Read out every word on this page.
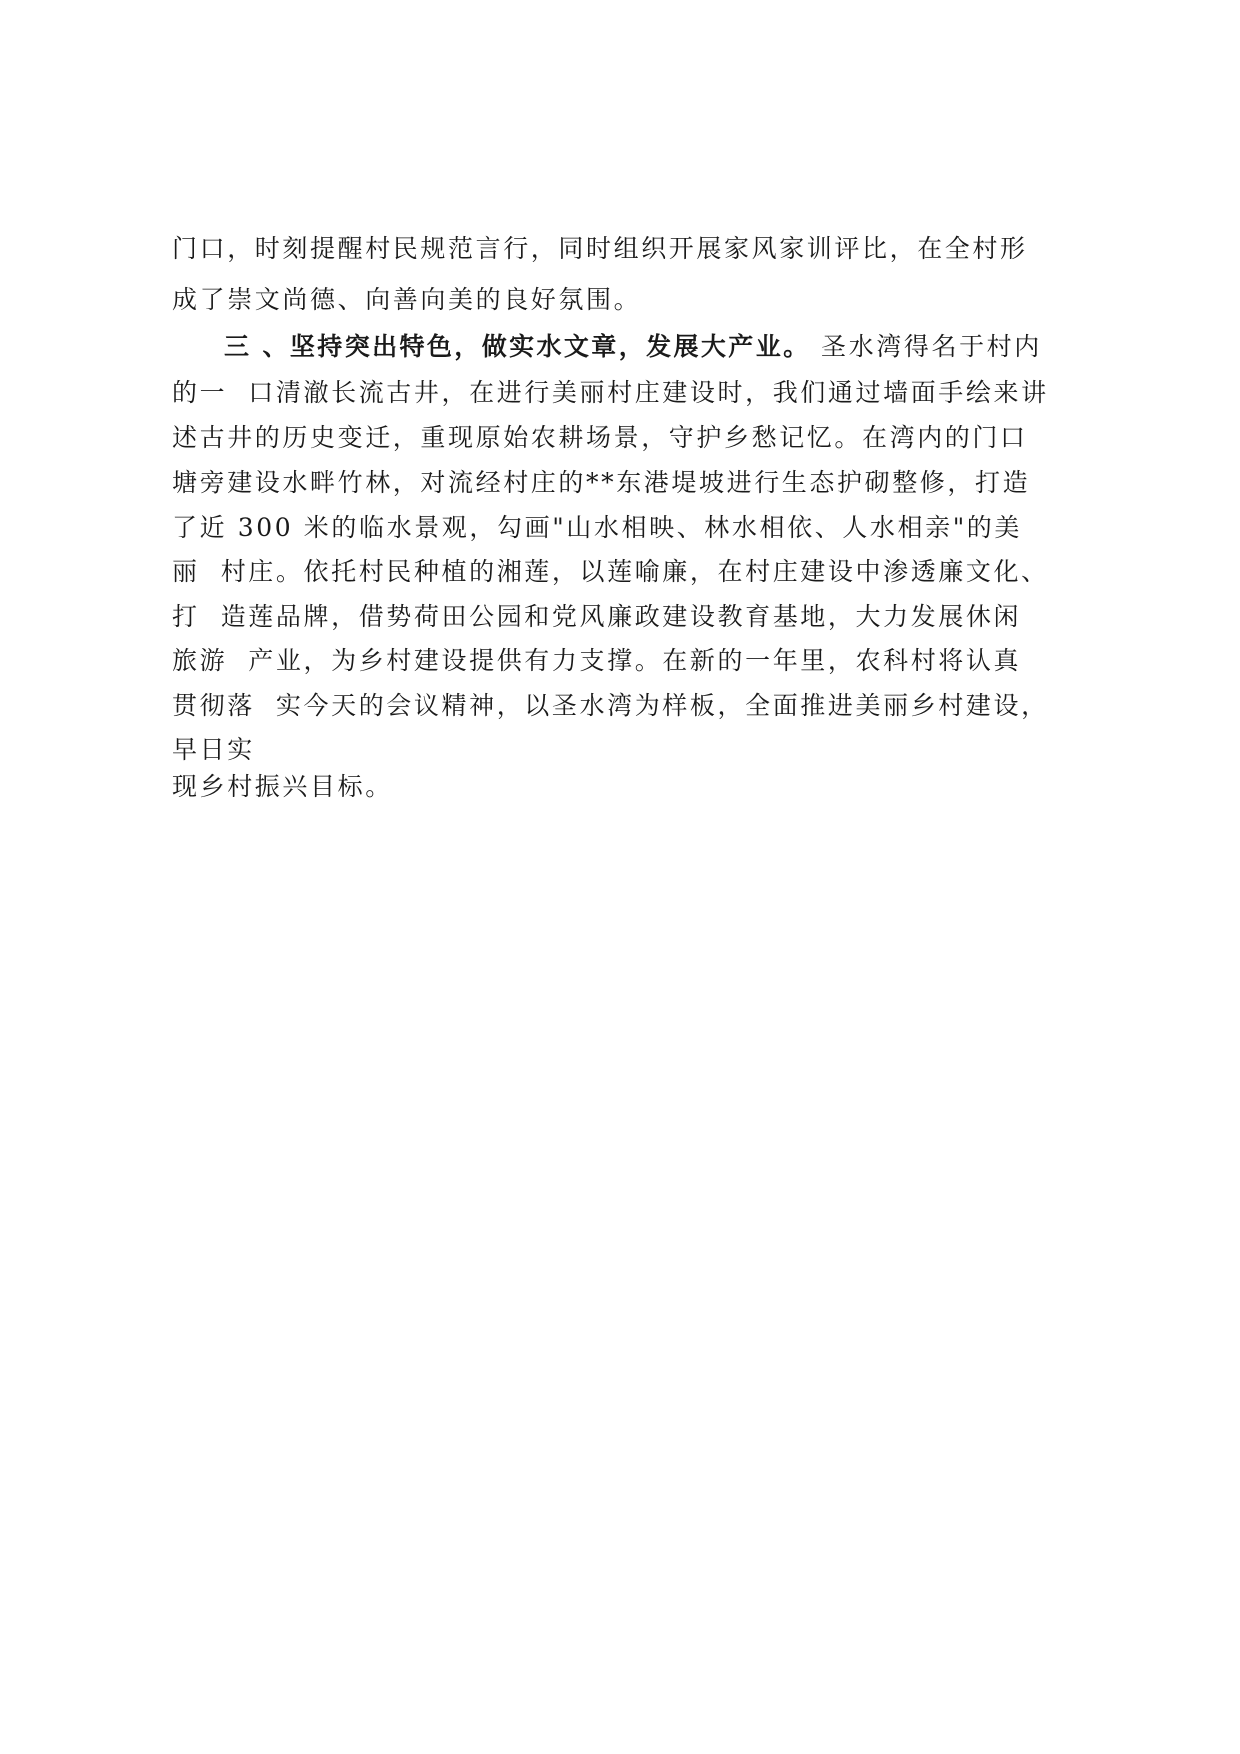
门口，时刻提醒村民规范言行，同时组织开展家风家训评比，在全村形
成了崇文尚德、向善向美的良好氛围。
三 、坚持突出特色，做实水文章，发展大产业。 圣水湾得名于村内
的一  口清澈长流古井，在进行美丽村庄建设时，我们通过墙面手绘来讲
述古井的历史变迁，重现原始农耕场景，守护乡愁记忆。在湾内的门口
塘旁建设水畔竹林，对流经村庄的**东港堤坡进行生态护砌整修，打造
了近 300 米的临水景观，勾画"山水相映、林水相依、人水相亲"的美
丽  村庄。依托村民种植的湘莲，以莲喻廉，在村庄建设中渗透廉文化、
打  造莲品牌，借势荷田公园和党风廉政建设教育基地，大力发展休闲
旅游  产业，为乡村建设提供有力支撑。在新的一年里，农科村将认真
贯彻落  实今天的会议精神，以圣水湾为样板，全面推进美丽乡村建设，
早日实
现乡村振兴目标。
